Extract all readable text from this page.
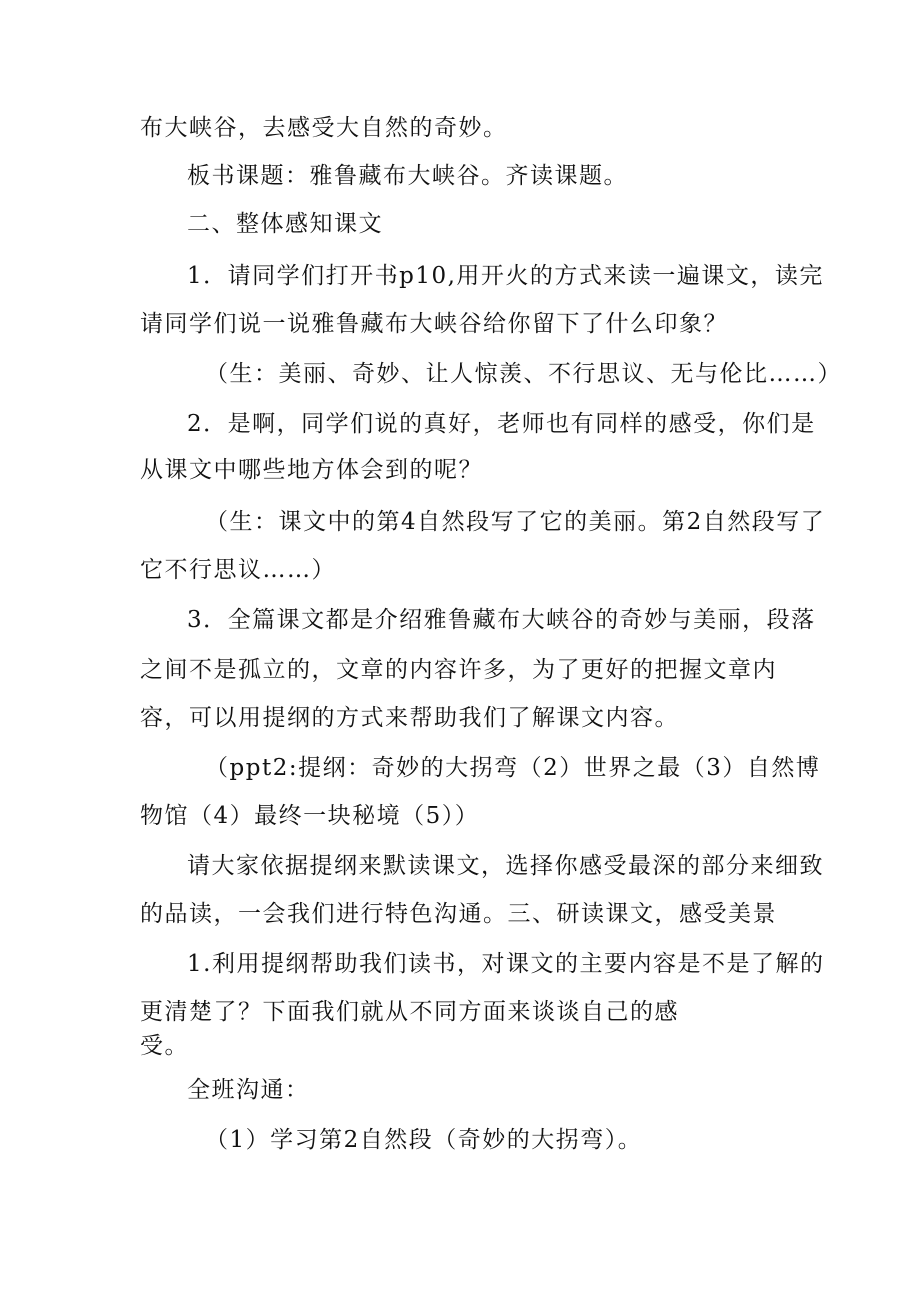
布大峡谷，去感受大自然的奇妙。

板书课题：雅鲁藏布大峡谷。齐读课题。

二、整体感知课文

1．请同学们打开书p10,用开火的方式来读一遍课文，读完

请同学们说一说雅鲁藏布大峡谷给你留下了什么印象？

（生：美丽、奇妙、让人惊羡、不行思议、无与伦比……）

2．是啊，同学们说的真好，老师也有同样的感受，你们是

从课文中哪些地方体会到的呢？

（生：课文中的第4自然段写了它的美丽。第2自然段写了

它不行思议……）

3．全篇课文都是介绍雅鲁藏布大峡谷的奇妙与美丽，段落

之间不是孤立的，文章的内容许多，为了更好的把握文章内

容，可以用提纲的方式来帮助我们了解课文内容。

（ppt2:提纲：奇妙的大拐弯（2）世界之最（3）自然博

物馆（4）最终一块秘境（5））

请大家依据提纲来默读课文，选择你感受最深的部分来细致

的品读，一会我们进行特色沟通。三、研读课文，感受美景

1.利用提纲帮助我们读书，对课文的主要内容是不是了解的

更清楚了？下面我们就从不同方面来谈谈自己的感

受。

全班沟通：

（1）学习第2自然段（奇妙的大拐弯）。
